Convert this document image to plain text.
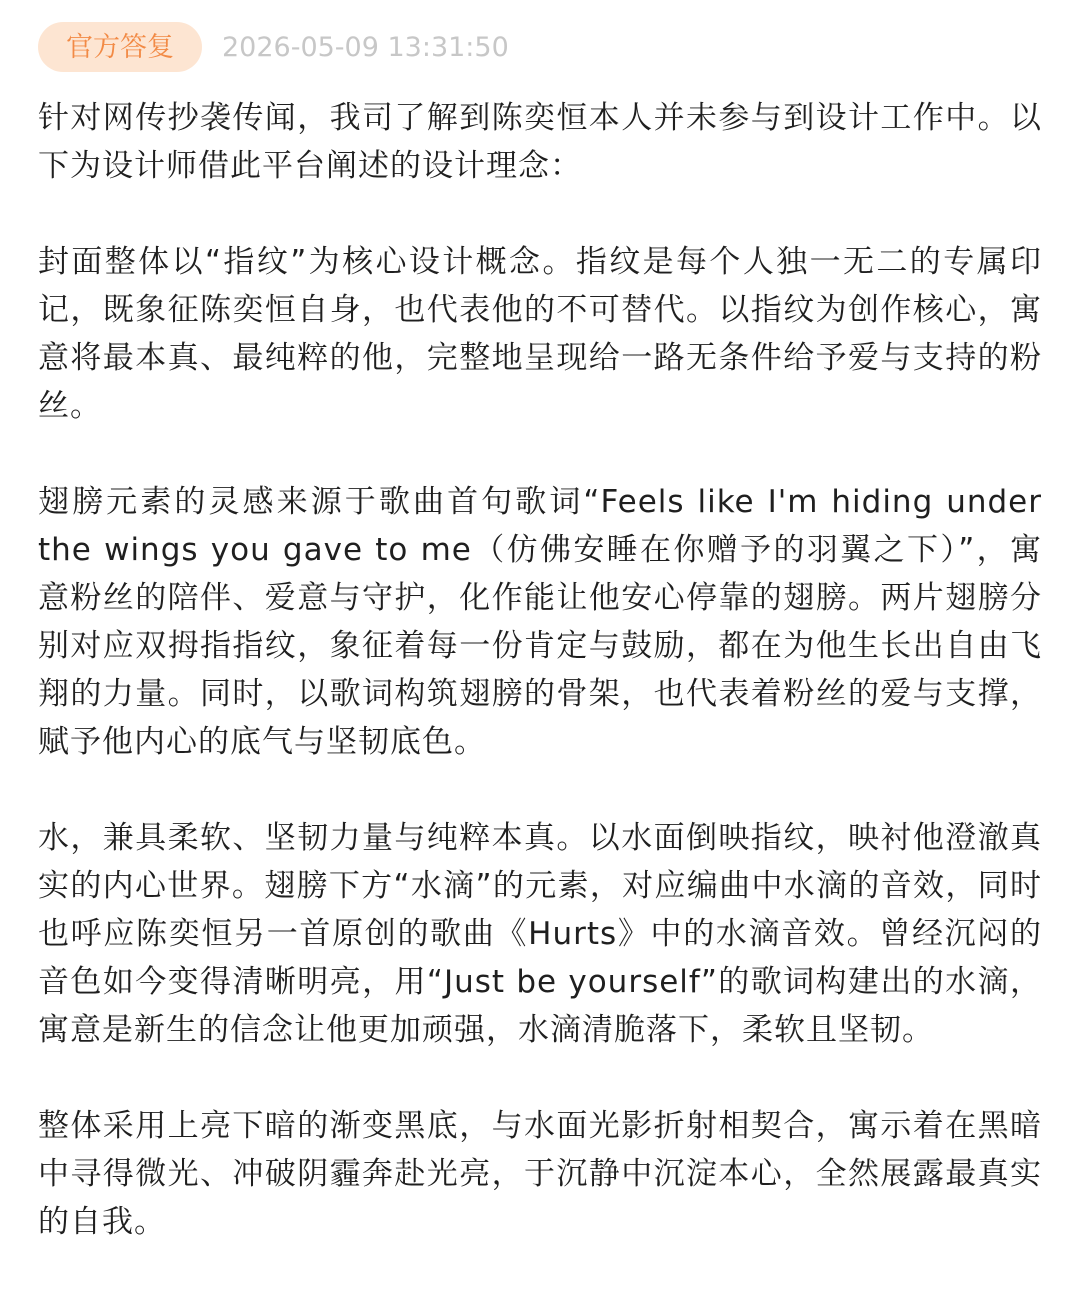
官方答复	2026-05-09 13:31:50

针对网传抄袭传闻，我司了解到陈奕恒本人并未参与到设计工作中。以下为设计师借此平台阐述的设计理念：

封面整体以“指纹”为核心设计概念。指纹是每个人独一无二的专属印记，既象征陈奕恒自身，也代表他的不可替代。以指纹为创作核心，寓意将最本真、最纯粹的他，完整地呈现给一路无条件给予爱与支持的粉丝。

翅膀元素的灵感来源于歌曲首句歌词“Feels like I'm hiding under the wings you gave to me（仿佛安睡在你赠予的羽翼之下）”，寓意粉丝的陪伴、爱意与守护，化作能让他安心停靠的翅膀。两片翅膀分别对应双拇指指纹，象征着每一份肯定与鼓励，都在为他生长出自由飞翔的力量。同时，以歌词构筑翅膀的骨架，也代表着粉丝的爱与支撑，赋予他内心的底气与坚韧底色。

水，兼具柔软、坚韧力量与纯粹本真。以水面倒映指纹，映衬他澄澈真实的内心世界。翅膀下方“水滴”的元素，对应编曲中水滴的音效，同时也呼应陈奕恒另一首原创的歌曲《Hurts》中的水滴音效。曾经沉闷的音色如今变得清晰明亮，用“Just be yourself”的歌词构建出的水滴，寓意是新生的信念让他更加顽强，水滴清脆落下，柔软且坚韧。

整体采用上亮下暗的渐变黑底，与水面光影折射相契合，寓示着在黑暗中寻得微光、冲破阴霾奔赴光亮，于沉静中沉淀本心，全然展露最真实的自我。
